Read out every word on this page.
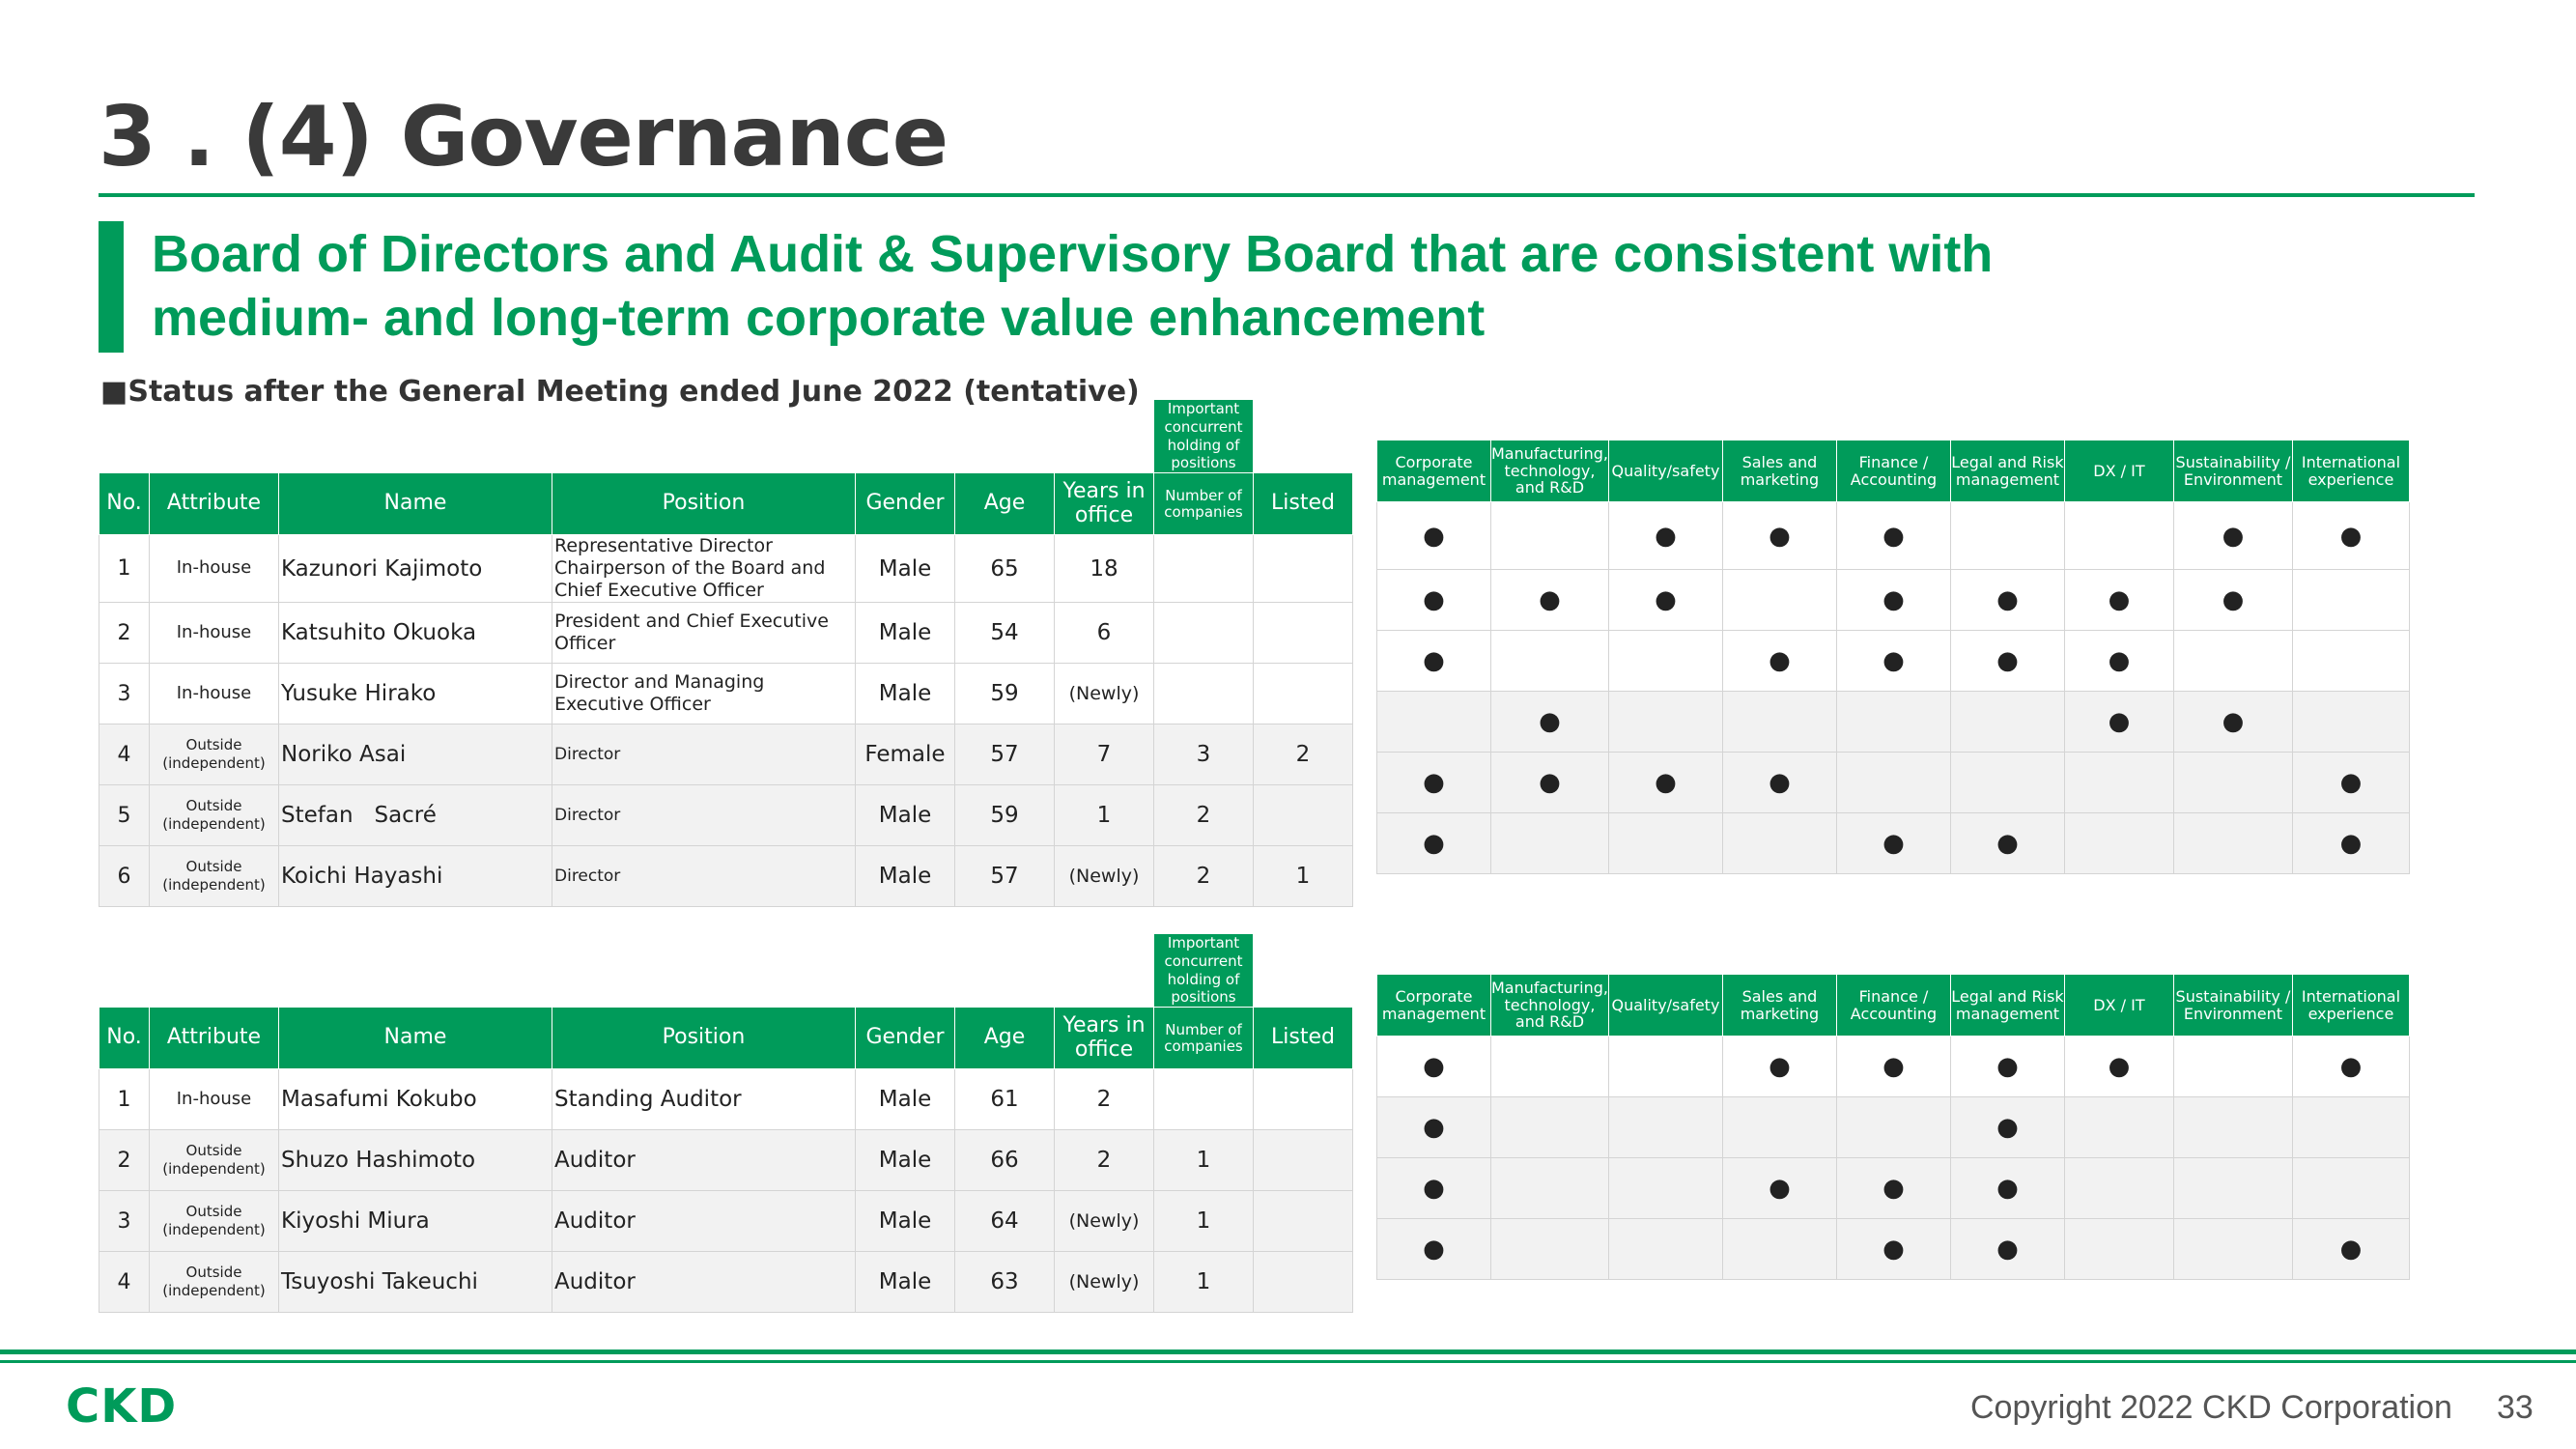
3 . (4) Governance
Board of Directors and Audit & Supervisory Board that are consistent with
medium- and long-term corporate value enhancement
■Status after the General Meeting ended June 2022 (tentative)
							Important concurrent holding of positions	
No.	Attribute	Name	Position	Gender	Age	Years in office	Number of companies	Listed
1	In-house	Kazunori Kajimoto	Representative Director Chairperson of the Board and Chief Executive Officer	Male	65	18		
2	In-house	Katsuhito Okuoka	President and Chief Executive Officer	Male	54	6		
3	In-house	Yusuke Hirako	Director and Managing Executive Officer	Male	59	(Newly)		
4	Outside (independent)	Noriko Asai	Director	Female	57	7	3	2
5	Outside (independent)	Stefan   Sacré	Director	Male	59	1	2	
6	Outside (independent)	Koichi Hayashi	Director	Male	57	(Newly)	2	1
Corporate management	Manufacturing, technology, and R&D	Quality/safety	Sales and marketing	Finance / Accounting	Legal and Risk management	DX / IT	Sustainability / Environment	International experience
●		●	●	●			●	●
●	●	●		●	●	●	●	
●			●	●	●	●		
	●					●	●	
●	●	●	●					●
●				●	●			●
							Important concurrent holding of positions	
No.	Attribute	Name	Position	Gender	Age	Years in office	Number of companies	Listed
1	In-house	Masafumi Kokubo	Standing Auditor	Male	61	2		
2	Outside (independent)	Shuzo Hashimoto	Auditor	Male	66	2	1	
3	Outside (independent)	Kiyoshi Miura	Auditor	Male	64	(Newly)	1	
4	Outside (independent)	Tsuyoshi Takeuchi	Auditor	Male	63	(Newly)	1	
Corporate management	Manufacturing, technology, and R&D	Quality/safety	Sales and marketing	Finance / Accounting	Legal and Risk management	DX / IT	Sustainability / Environment	International experience
●			●	●	●	●		●
●					●			
●			●	●	●			
●				●	●			●
CKD	Copyright 2022 CKD Corporation 33
